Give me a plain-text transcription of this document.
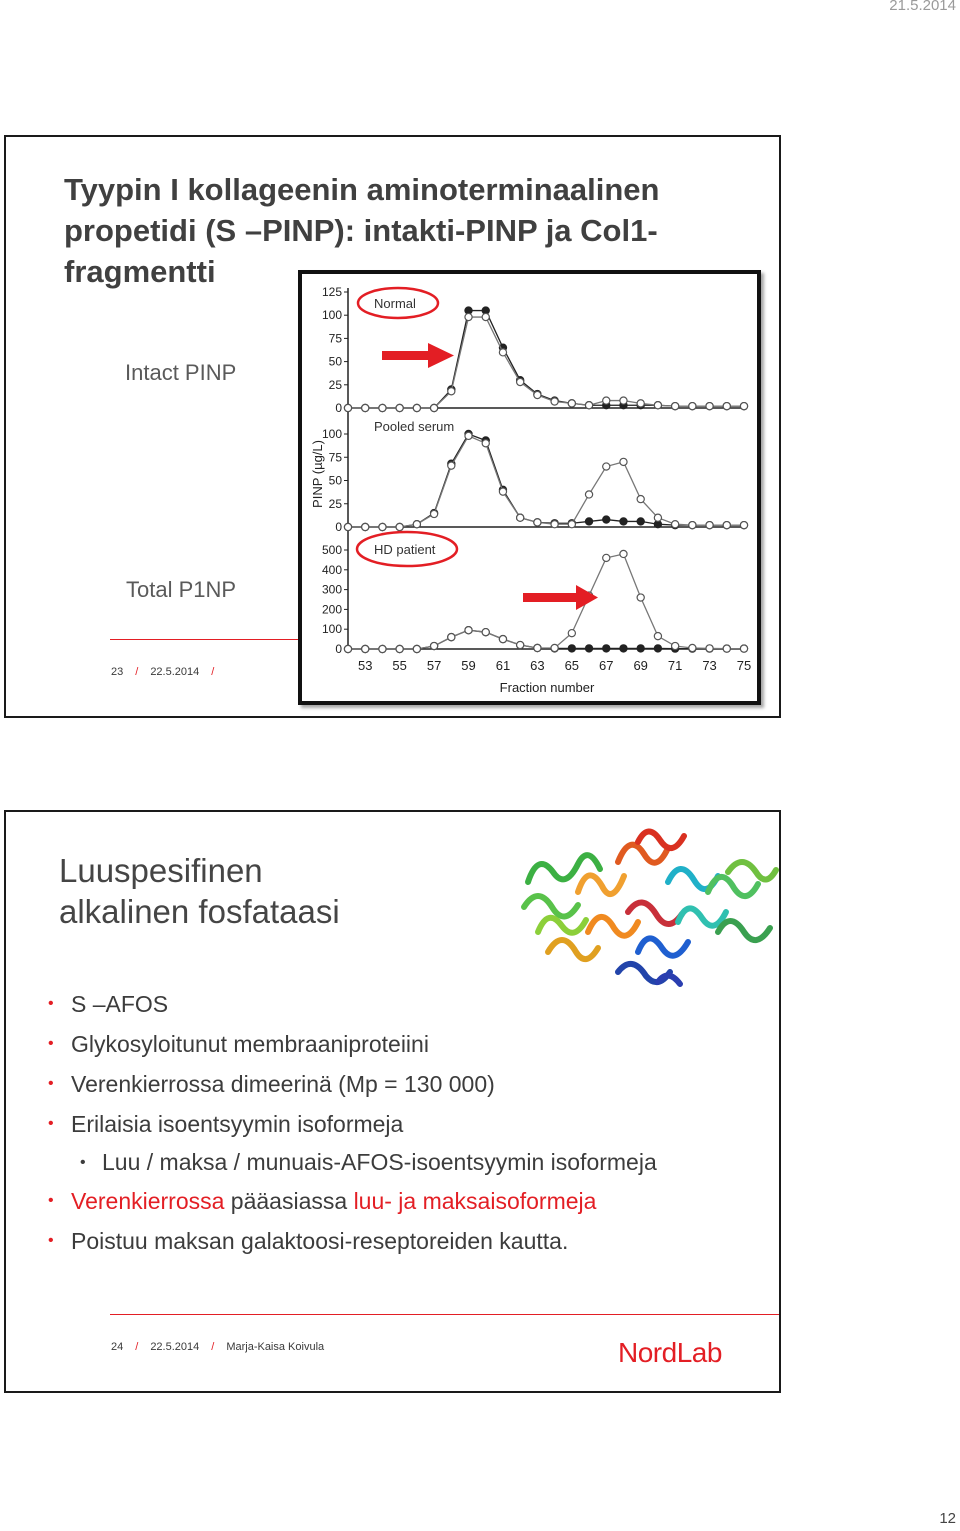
21.5.2014
Tyypin I kollageenin aminoterminaalinen propetidi (S –PINP): intakti-PINP ja Col1-fragmentti
Intact PINP
Total P1NP
23 / 22.5.2014 /
0
25
50
75
100
125
Normal
0
25
50
75
100 Pooled serum
0
100
200
300
400
500 HD patient
53 55 57 59 61 63 65 67 69 71 73 75
Fraction number
PINP (µg/L)
Luuspesifinen
alkalinen fosfataasi
• S –AFOS
• Glykosyloitunut membraaniproteiini
• Verenkierrossa dimeerinä (Mp = 130 000)
• Erilaisia isoentsyymin isoformeja
• Luu / maksa / munuais-AFOS-isoentsyymin isoformeja
• Verenkierrossa pääasiassa luu- ja maksaisoformeja
• Poistuu maksan galaktoosi-reseptoreiden kautta.
24 / 22.5.2014 / Marja-Kaisa Koivula	NordLab
12
